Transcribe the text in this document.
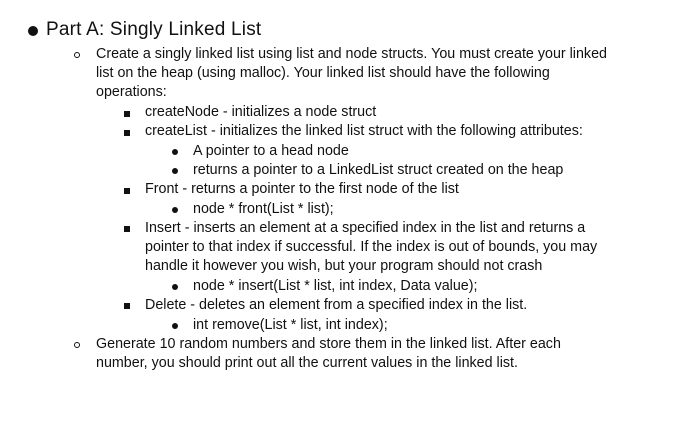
Part A: Singly Linked List
Create a singly linked list using list and node structs. You must create your linked
list on the heap (using malloc). Your linked list should have the following
operations:
createNode - initializes a node struct
createList - initializes the linked list struct with the following attributes:
A pointer to a head node
returns a pointer to a LinkedList struct created on the heap
Front - returns a pointer to the first node of the list
node * front(List * list);
Insert - inserts an element at a specified index in the list and returns a
pointer to that index if successful. If the index is out of bounds, you may
handle it however you wish, but your program should not crash
node * insert(List * list, int index, Data value);
Delete - deletes an element from a specified index in the list.
int remove(List * list, int index);
Generate 10 random numbers and store them in the linked list. After each
number, you should print out all the current values in the linked list.
